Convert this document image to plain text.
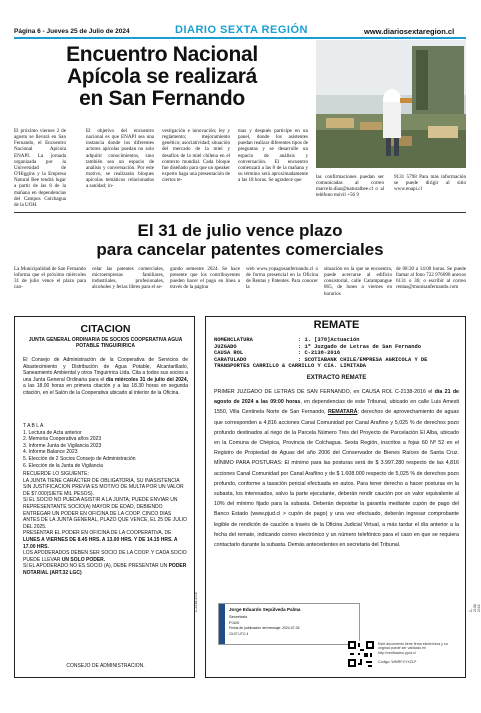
Página 6 - Jueves 25 de Julio de 2024	DIARIO SEXTA REGIÓN	www.diariosextaregion.cl
Encuentro Nacional
Apícola se realizará
en San Fernando

El próximo viernes 2 de agosto se llevará en San Fernando, el Encuentro Nacional Apícola ENAPI. La jornada organizada por la Universidad de O'Higgins y la Empresa Natural Bee tendrá lugar a partir de las 8 de la mañana en dependencias del Campus Colchagua de la UOH.

El objetivo del encuentro nacional es que ENAPI sea una instancia donde los diferentes actores apícolas puedan no solo adquirir conocimientos, sino también sea un espacio de análisis y conversación. Por este motivo, se realizarán bloques apícolas temáticos relacionados a sanidad; in-

vestigación e innovación; ley y reglamento; mejoramiento genético; asociatividad; situación del mercado de la miel y desafíos de la miel chilena en el contexto mundial. Cada bloque fue diseñado para que un speaker experto haga una presentación de ciertos te-

mas y después participe en un panel, donde los asistentes puedan realizar diferentes tipos de preguntas y se desarrolle un espacio de análisis y conversación. El encuentro comenzará a las 8 de la mañana y su término será aproximadamente a las 18 horas. Se agradece que

las confirmaciones puedan ser comunicadas al correo marcelo.diaz@naturalbee.cl o al teléfono móvil +56 9

9131 5798 Para más información se puede dirigir al sitio www.enapi.cl

El 31 de julio vence plazo
para cancelar patentes comerciales

La Municipalidad de San Fernando informa que el próximo miércoles 31 de julio vence el plazo para can-

celar las patentes comerciales, microempresas familiares, industriales, profesionales, alcoholes y ferias libres para el se-

gundo semestre 2024. Se hace presente que los contribuyentes pueden hacer el pago en línea a través de la página

web www.yopagosanfernando.cl o de forma presencial en la Oficina de Rentas y Patentes. Para conocer la

situación en la que se encuentra, puede acercarse al edificio consistorial, calle Carampangue 865, de lunes a viernes en horarios

de 08:30 a 14:00 horas. Se puede llamar al fono 722 976090 anexos 6131 o 36; o escribir al correo rentas@munisanfernando.com

CITACION
JUNTA GENERAL ORDINARIA DE SOCIOS COOPERATIVA AGUA POTABLE TINGUIRIRICA
El Consejo de Administración de la Cooperativa de Servicios de Abastecimiento y Distribución de Agua Potable, Alcantarillado, Saneamiento Ambiental y otros Tinguiririca Ltda. Cita a todos sus socios a una Junta General Ordinaria para el día miércoles 31 de julio del 2024, a las 18.00 horas en primera citación y a las 18.30 horas en segunda citación, en el Salón de la Cooperativa ubicado al interior de la Oficina.
T A B L A
1. Lectura de Acta anterior
2. Memoria Cooperativa años 2023
3. Informe Junta de Vigilancia 2023
4. Informe Balance 2023
5. Elección de 2 Socios Consejo de Administración
6. Elección de la Junta de Vigilancia
RECUERDE LO SIGUIENTE:
LA JUNTA TIENE CARÁCTER DE OBLIGATORIA, SU INASISTENCIA SIN JUSTIFICACION PREVIA ES MOTIVO DE MULTA POR UN VALOR DE $7.000(SIETE MIL PESOS).
SI EL SOCIO NO PUEDA ASISTIR A LA JUNTA, PUEDE ENVIAR UN REPRESENTANTE SOCIO(A) MAYOR DE EDAD, DEBIENDO ENTREGAR UN PODER EN OFICINA DE LA COOP. CINCO DIAS ANTES DE LA JUNTA GENERAL, PLAZO QUE VENCE, EL 25 DE JULIO DEL 2025.
PRESENTAR EL PODER EN OFICINA DE LA COOPERATIVA, DE LUNES A VIERNES DE 8.45 HRS. A 13.00 HRS. Y DE 14.15 HRS. A 17.00 HRS.
LOS APODERADOS DEBEN SER SOCIO DE LA COOP. Y CADA SOCIO PUEDE LLEVAR UN SOLO PODER.
SI EL APODERADO NO ES SOCIO (A), DEBE PRESENTAR UN PODER NOTARIAL (ART.32 LGC)
CONSEJO DE ADMINISTRACION.
REMATE
NOMENCLATURA	: 1. [378]Actuación
JUZGADO	: 1º Juzgado de Letras de San Fernando
CAUSA ROL	: C-2138-2016
CARATULADO	: SCOTIABANK CHILE/EMPRESA AGRICOLA Y DE
TRANSPORTES CARRILLO & CARRILLO Y CIA. LIMITADA
EXTRACTO REMATE
PRIMER JUZGADO DE LETRAS DE SAN FERNANDO, en CAUSA ROL C-2138-2016 el día 21 de agosto de 2024 a las 09:00 horas, en dependencias de este Tribunal, ubicado en calle Luis Amesti 1550, Villa Centinela Norte de San Fernando, REMATARÁ; derechos de aprovechamiento de aguas que corresponden a 4,816 acciones Canal Comunidad por Canal Arañino y 5,025 % de derechos pozo profundo destinados al riego de la Parcela Número Tres del Proyecto de Parcelación El Alba, ubicado en la Comuna de Chépica, Provincia de Colchagua. Sexta Región, inscritos a fojas 60 Nº 52 en el Registro de Propiedad de Aguas del año 2006 del Conservador de Bienes Raíces de Santa Cruz. MÍNIMO PARA POSTURAS: El mínimo para las posturas será de $ 3.997.280 respecto de las 4,816 acciones Canal Comunidad por Canal Arañino y de $ 1.608.000 respecto de 5,025 % de derechos pozo profundo, conforme a tasación pericial efectuada en autos. Para tener derecho a hacer posturas en la subasta, los interesados, salvo la parte ejecutante, deberán rendir caución por un valor equivalente al 10% del mínimo fijado para la subasta. Deberán depositar la garantía mediante cupón de pago del Banco Estado (www.pjud.cl > cupón de pago) y una vez efectuado, deberán ingresar comprobante legible de rendición de caución a través de la Oficina Judicial Virtual, a más tardar el día anterior a la fecha del remate, indicando correo electrónico y un número telefónico para el caso en que se requiera contactarlo durante la subasta. Demás antecedentes en secretaria del Tribunal.
Jorge Eduardo Sepúlveda Palma
Secretario
PJUD
Fecha de publicación del mensaje: 2024-07-04
13:07 UTC-4
Este documento tiene firma electrónica y su original puede ser validado en http://verificadoc.pjud.cl
Código: WMRFXYXZLP
C-2138-2016	C-2138-2016
